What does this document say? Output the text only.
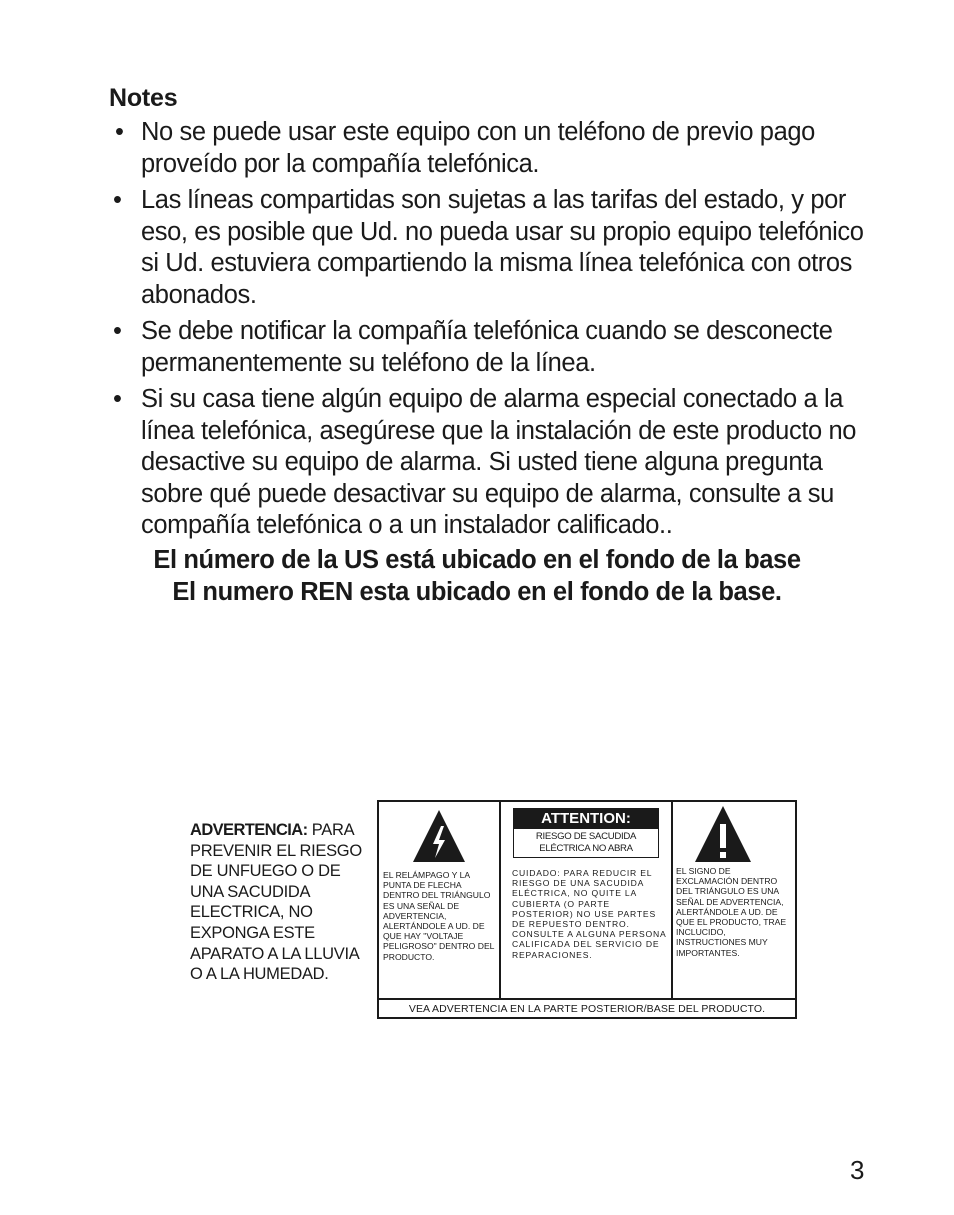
Notes
• No se puede usar este equipo con un teléfono de previo pago proveído por la compañía telefónica.
• Las líneas compartidas son sujetas a las tarifas del estado, y por eso, es posible que Ud. no pueda usar su propio equipo telefónico si Ud. estuviera compartiendo la misma línea telefónica con otros abonados.
• Se debe notificar la compañía telefónica cuando se desconecte permanentemente su teléfono de la línea.
• Si su casa tiene algún equipo de alarma especial conectado a la línea telefónica, asegúrese que la instalación de este producto no desactive su equipo de alarma. Si usted tiene alguna pregunta sobre qué puede desactivar su equipo de alarma, consulte a su compañía telefónica o a un instalador calificado..
El número de la US está ubicado en el fondo de la base
El numero REN esta ubicado en el fondo de la base.
ADVERTENCIA: PARA PREVENIR EL RIESGO DE UNFUEGO O DE UNA SACUDIDA ELECTRICA, NO EXPONGA ESTE APARATO A LA LLUVIA O A LA HUMEDAD.
EL RELÁMPAGO Y LA PUNTA DE FLECHA DENTRO DEL TRIÁNGULO ES UNA SEÑAL DE ADVERTENCIA, ALERTÁNDOLE A UD. DE QUE HAY "VOLTAJE PELIGROSO" DENTRO DEL PRODUCTO.
ATTENTION:
RIESGO DE SACUDIDA ELÉCTRICA NO ABRA
CUIDADO: PARA REDUCIR EL RIESGO DE UNA SACUDIDA ELÉCTRICA, NO QUITE LA CUBIERTA (O PARTE POSTERIOR) NO USE PARTES DE REPUESTO DENTRO. CONSULTE A ALGUNA PERSONA CALIFICADA DEL SERVICIO DE REPARACIONES.
EL SIGNO DE EXCLAMACIÓN DENTRO DEL TRIÁNGULO ES UNA SEÑAL DE ADVERTENCIA, ALERTÁNDOLE A UD. DE QUE EL PRODUCTO, TRAE INCLUCIDO, INSTRUCTIONES MUY IMPORTANTES.
VEA ADVERTENCIA EN LA PARTE POSTERIOR/BASE DEL PRODUCTO.
3
